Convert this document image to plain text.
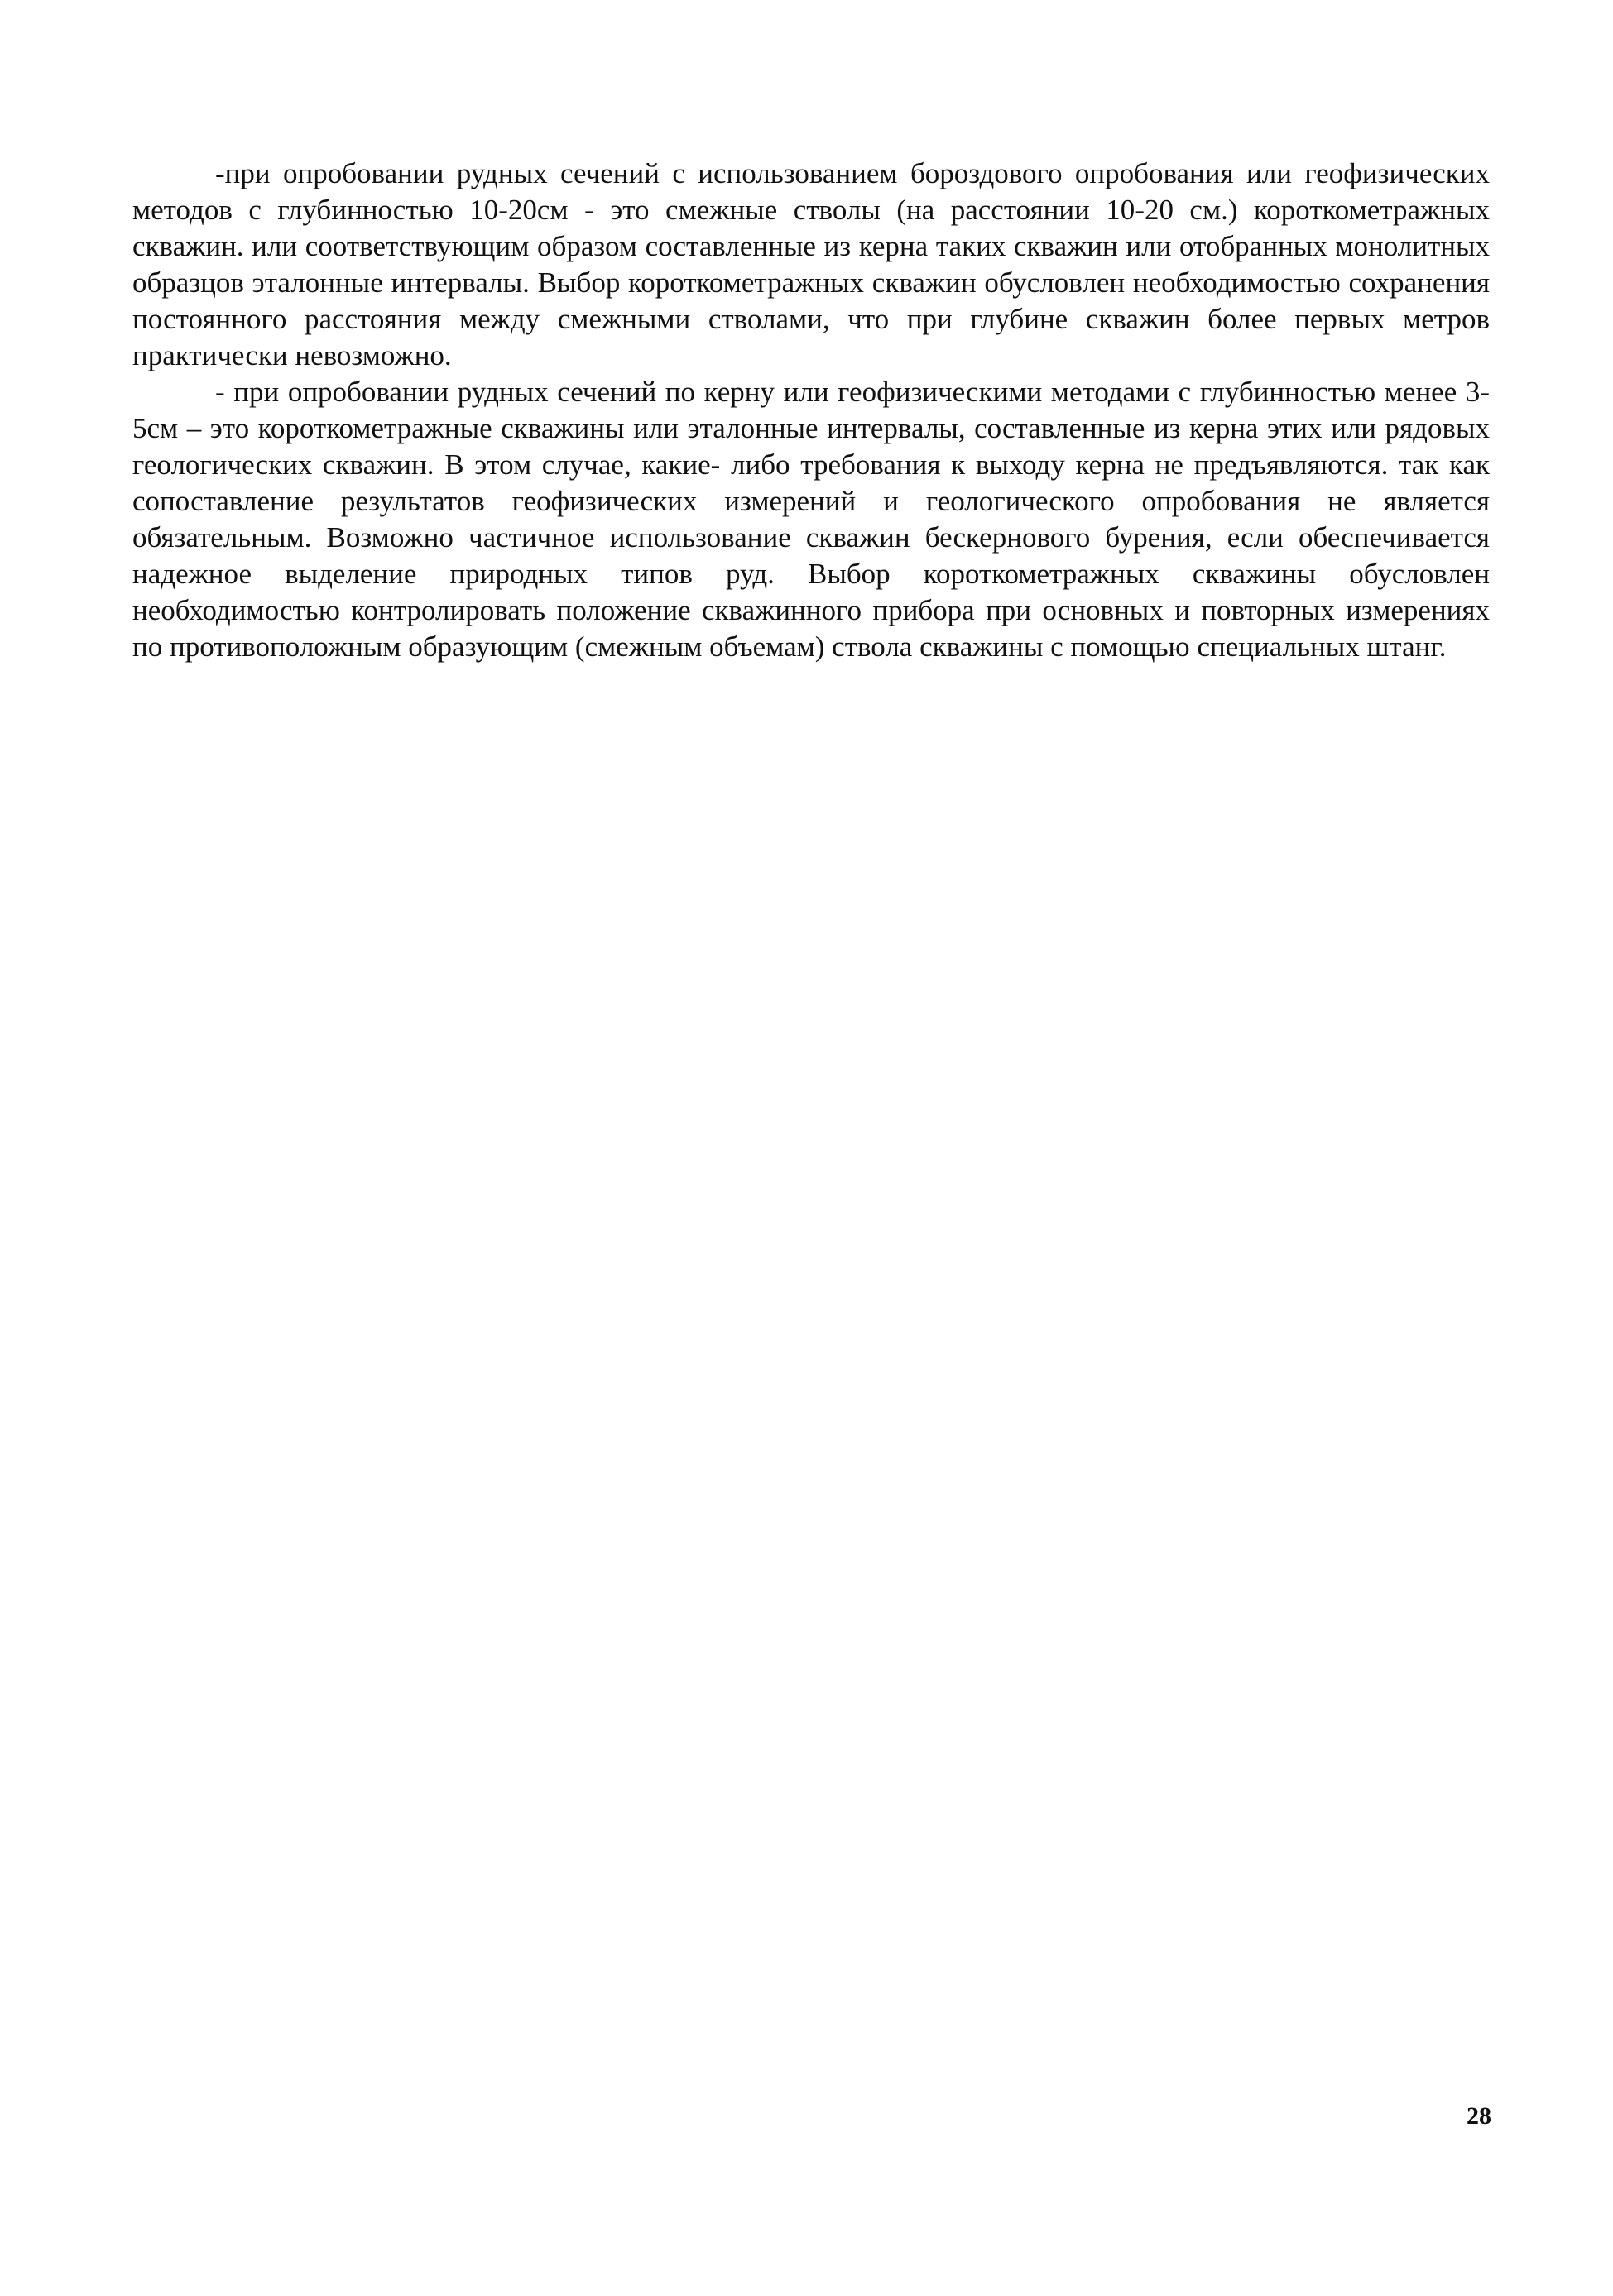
-при опробовании рудных сечений с использованием бороздового опробования или геофизических методов с глубинностью 10-20см - это смежные стволы (на расстоянии 10-20 см.) короткометражных скважин. или соответствующим образом составленные из керна таких скважин или отобранных монолитных образцов эталонные интервалы. Выбор короткометражных скважин обусловлен необходимостью сохранения постоянного расстояния между смежными стволами, что при глубине скважин более первых метров практически невозможно.

- при опробовании рудных сечений по керну или геофизическими методами с глубинностью менее 3- 5см – это короткометражные скважины или эталонные интервалы, составленные из керна этих или рядовых геологических скважин. В этом случае, какие- либо требования к выходу керна не предъявляются. так как сопоставление результатов геофизических измерений и геологического опробования не является обязательным. Возможно частичное использование скважин бескернового бурения, если обеспечивается надежное выделение природных типов руд. Выбор короткометражных скважины обусловлен необходимостью контролировать положение скважинного прибора при основных и повторных измерениях по противоположным образующим (смежным объемам) ствола скважины с помощью специальных штанг.

28
